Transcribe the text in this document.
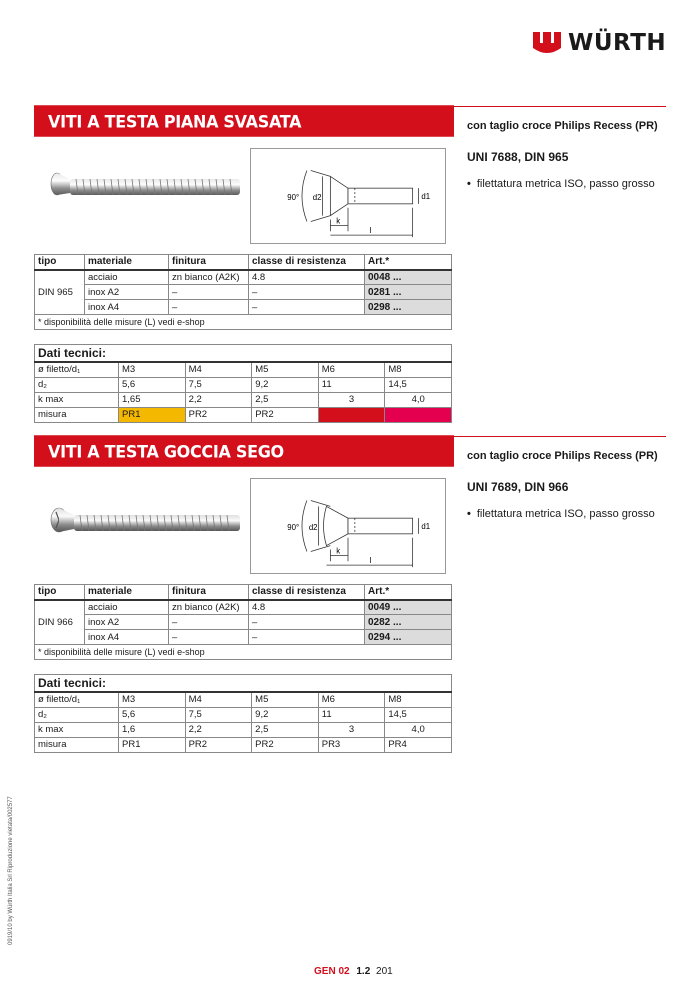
WÜRTH
VITI A TESTA PIANA SVASATA	con taglio croce Philips Recess (PR)
UNI 7688, DIN 965
• filettatura metrica ISO, passo grosso
90° d2	d1
k
l
tipo	materiale	finitura	classe di resistenza	Art.*
DIN 965	acciaio	zn bianco (A2K)	4.8	0048 ...
	inox A2	–	–	0281 ...
	inox A4	–	–	0298 ...
* disponibilità delle misure (L) vedi e-shop				
Dati tecnici:					
ø filetto/d₁	M3	M4	M5	M6	M8
d₂	5,6	7,5	9,2	11	14,5
k max	1,65	2,2	2,5	3	4,0
misura	PR1	PR2	PR2	PR3	PR4
VITI A TESTA GOCCIA SEGO	con taglio croce Philips Recess (PR)
UNI 7689, DIN 966
• filettatura metrica ISO, passo grosso
90° d2	d1
k
l
tipo	materiale	finitura	classe di resistenza	Art.*
DIN 966	acciaio	zn bianco (A2K)	4.8	0049 ...
	inox A2	–	–	0282 ...
	inox A4	–	–	0294 ...
* disponibilità delle misure (L) vedi e-shop				
Dati tecnici:					
ø filetto/d₁	M3	M4	M5	M6	M8
d₂	5,6	7,5	9,2	11	14,5
k max	1,6	2,2	2,5	3	4,0
misura	PR1	PR2	PR2	PR3	PR4
0919/10 by Würth Italia Srl Riproduzione vietata/002577
GEN 02 1.2 201
